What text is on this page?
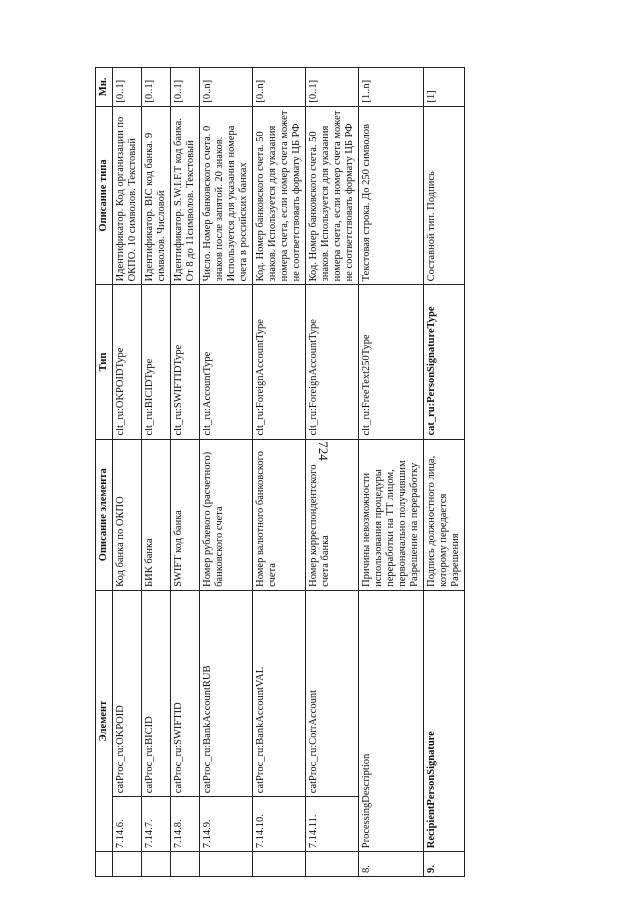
724
	Элемент		Описание элемента	Тип	Описание типа	Мн.
	7.14.6.	catProc_ru:OKPOID	Код банка по ОКПО	clt_ru:OKPOIDType	Идентификатор. Код организации по ОКПО. 10 символов. Текстовый	[0..1]
	7.14.7.	catProc_ru:BICID	БИК банка	clt_ru:BICIDType	Идентификатор. BIC код банка. 9 символов. Числовой	[0..1]
	7.14.8.	catProc_ru:SWIFTID	SWIFT код банка	clt_ru:SWIFTIDType	Идентификатор. S.W.I.F.T код банка. От 8 до 11символов. Текстовый	[0..1]
	7.14.9.	catProc_ru:BankAccountRUB	Номер рублевого (расчетного) банковского счета	clt_ru:AccountType	Число. Номер банковского счета. 0 знаков после запятой. 20 знаков. Используется для указания номера счета в российских банках	[0..n]
	7.14.10.	catProc_ru:BankAccountVAL	Номер валютного банковского счета	clt_ru:ForeignAccountType	Код. Номер банковского счета. 50 знаков. Используется для указания номера счета, если номер счета может не соответствовать формату ЦБ РФ	[0..n]
	7.14.11.	catProc_ru:CorrAccount	Номер корреспондентского счета банка	clt_ru:ForeignAccountType	Код. Номер банковского счета. 50 знаков. Используется для указания номера счета, если номер счета может не соответствовать формату ЦБ РФ	[0..1]
8.	ProcessingDescription		Причины невозможности использования процедуры переработки на ТТ лицом, первоначально получившим Разрешение на переработку	clt_ru:FreeText250Type	Текстовая строка. До 250 символов	[1..n]
9.	RecipientPersonSignature		Подпись должностного лица, которому передается Разрешения	cat_ru:PersonSignatureType	Составной тип. Подпись	[1]
